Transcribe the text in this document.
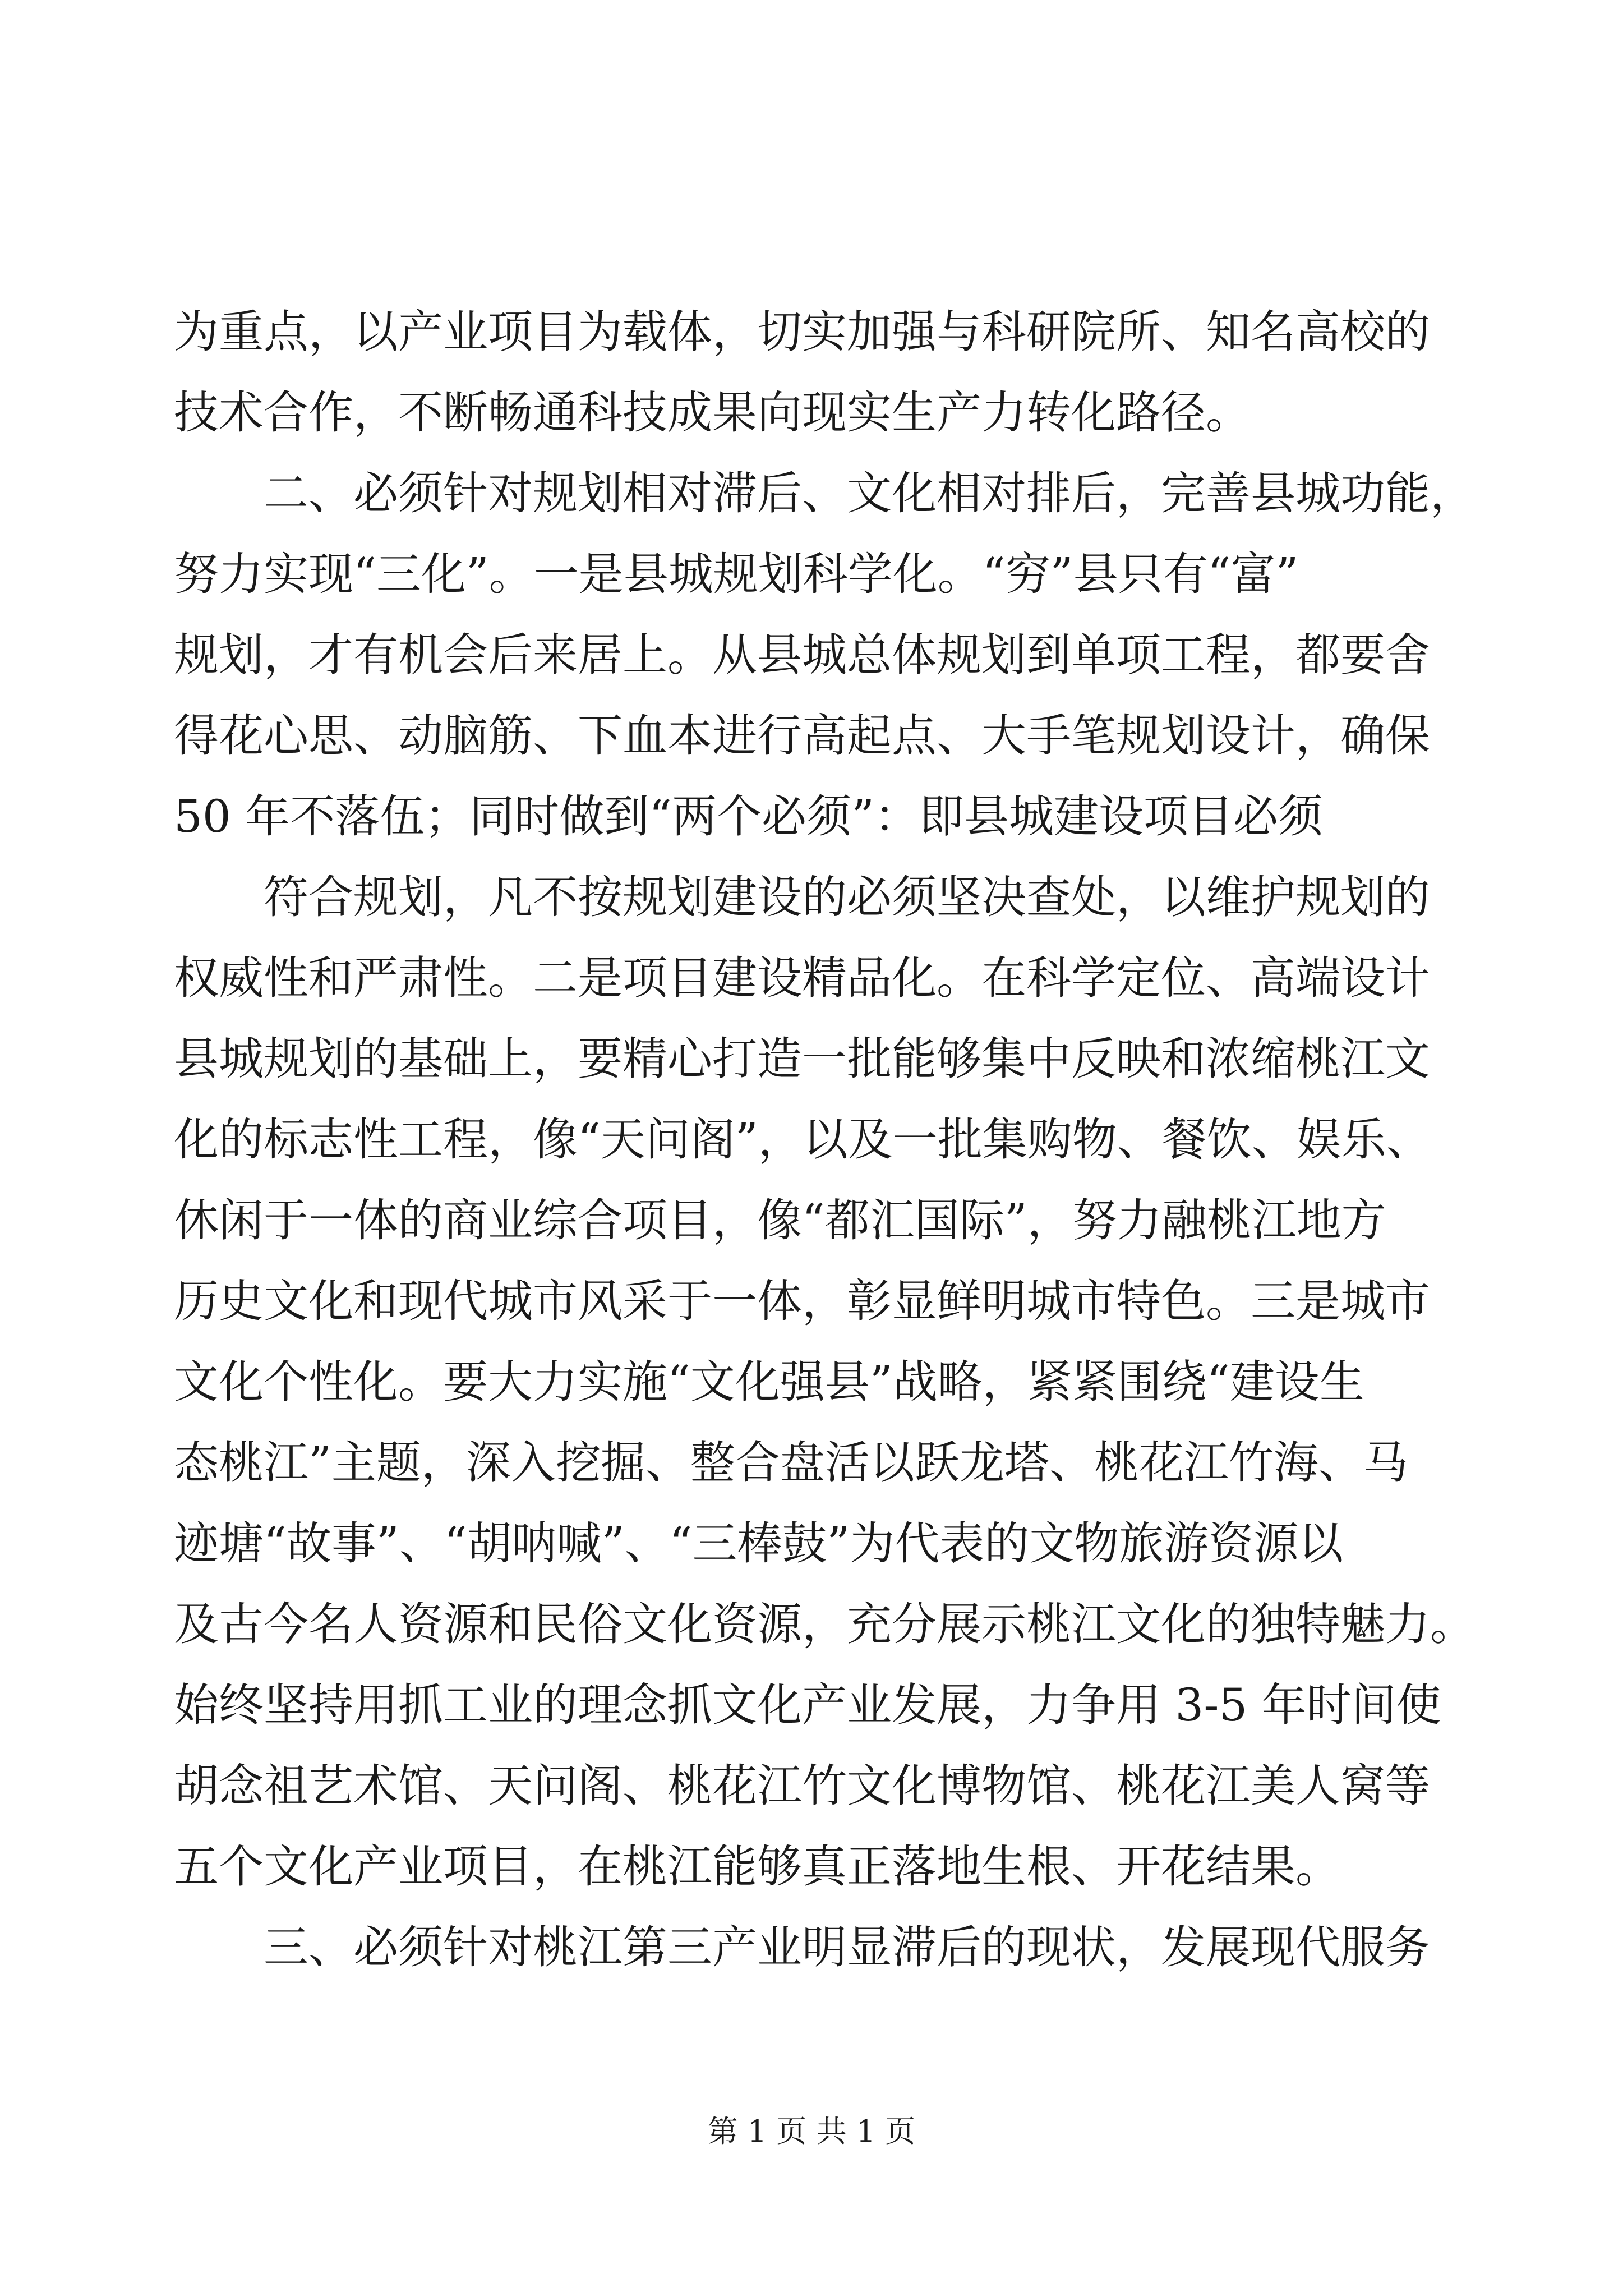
为重点，以产业项目为载体，切实加强与科研院所、知名高校的
技术合作，不断畅通科技成果向现实生产力转化路径。
　　二、必须针对规划相对滞后、文化相对排后，完善县城功能，
努力实现“三化”。一是县城规划科学化。“穷”县只有“富”
规划，才有机会后来居上。从县城总体规划到单项工程，都要舍
得花心思、动脑筋、下血本进行高起点、大手笔规划设计，确保
50 年不落伍；同时做到“两个必须”：即县城建设项目必须
　　符合规划，凡不按规划建设的必须坚决查处，以维护规划的
权威性和严肃性。二是项目建设精品化。在科学定位、高端设计
县城规划的基础上，要精心打造一批能够集中反映和浓缩桃江文
化的标志性工程，像“天问阁”，以及一批集购物、餐饮、娱乐、
休闲于一体的商业综合项目，像“都汇国际”，努力融桃江地方
历史文化和现代城市风采于一体，彰显鲜明城市特色。三是城市
文化个性化。要大力实施“文化强县”战略，紧紧围绕“建设生
态桃江”主题，深入挖掘、整合盘活以跃龙塔、桃花江竹海、马
迹塘“故事”、“胡呐喊”、“三棒鼓”为代表的文物旅游资源以
及古今名人资源和民俗文化资源，充分展示桃江文化的独特魅力。
始终坚持用抓工业的理念抓文化产业发展，力争用 3-5 年时间使
胡念祖艺术馆、天问阁、桃花江竹文化博物馆、桃花江美人窝等
五个文化产业项目，在桃江能够真正落地生根、开花结果。
　　三、必须针对桃江第三产业明显滞后的现状，发展现代服务
第 1 页 共 1 页
